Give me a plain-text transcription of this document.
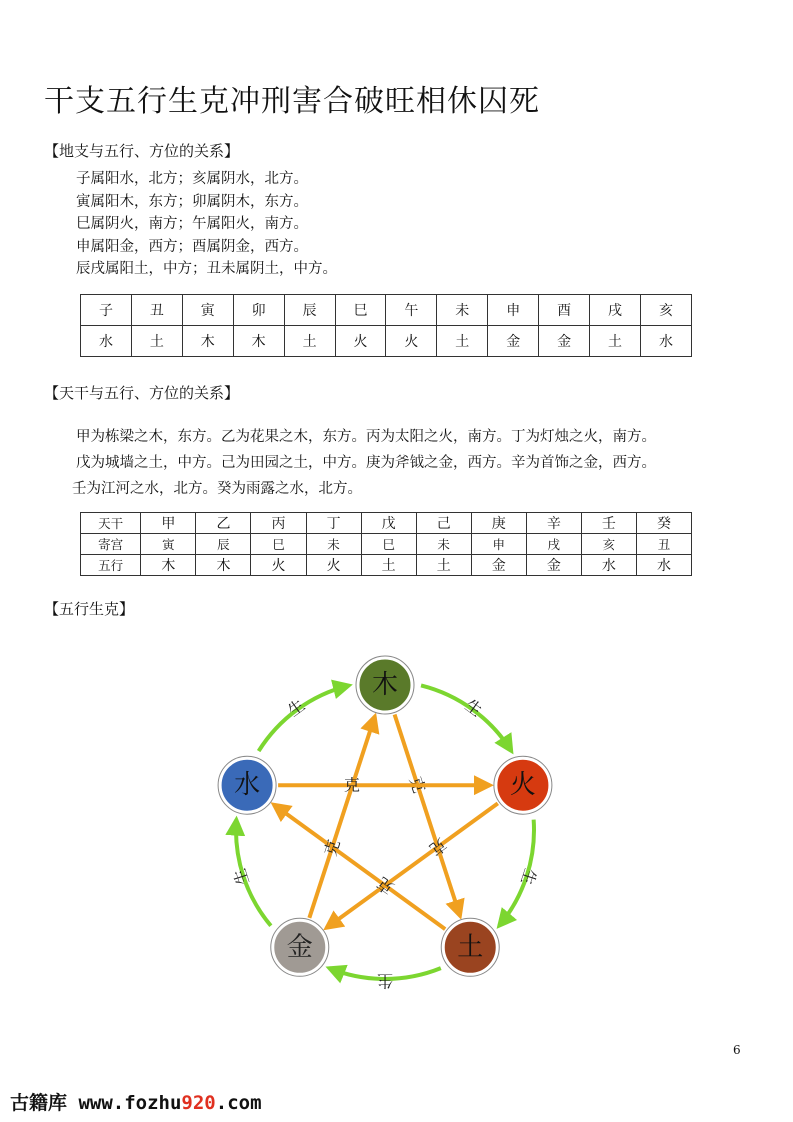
干支五行生克冲刑害合破旺相休囚死
【地支与五行、方位的关系】
子属阳水，北方；亥属阴水，北方。
寅属阳木，东方；卯属阴木，东方。
巳属阴火，南方；午属阳火，南方。
申属阳金，西方；酉属阴金，西方。
辰戌属阳土，中方；丑未属阴土，中方。
子	丑	寅	卯	辰	巳	午	未	申	酉	戌	亥
水	土	木	木	土	火	火	土	金	金	土	水
【天干与五行、方位的关系】
甲为栋梁之木，东方。乙为花果之木，东方。丙为太阳之火，南方。丁为灯烛之火，南方。
戊为城墙之土，中方。己为田园之土，中方。庚为斧钺之金，西方。辛为首饰之金，西方。
壬为江河之水，北方。癸为雨露之水，北方。
天干	甲	乙	丙	丁	戊	己	庚	辛	壬	癸
寄宫	寅	辰	巳	未	巳	未	申	戌	亥	丑
五行	木	木	火	火	土	土	金	金	水	水
【五行生克】
生
生
生
生
生
克
克
克
克
克
木
火
土
金
水
6
古籍库 www.fozhu920.com
